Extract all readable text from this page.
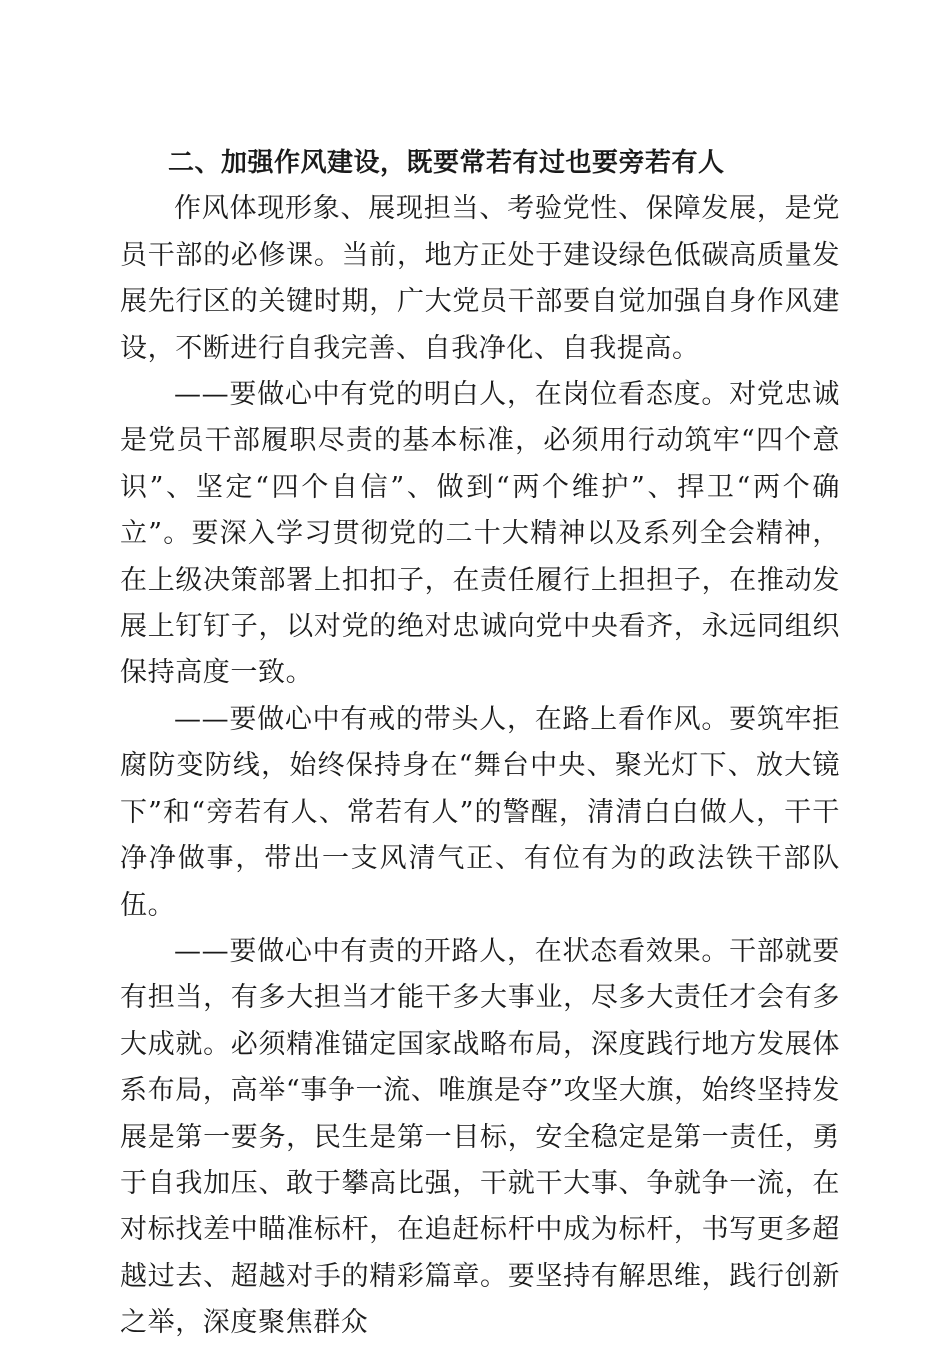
二、加强作风建设，既要常若有过也要旁若有人

作风体现形象、展现担当、考验党性、保障发展，是党员干部的必修课。当前，地方正处于建设绿色低碳高质量发展先行区的关键时期，广大党员干部要自觉加强自身作风建设，不断进行自我完善、自我净化、自我提高。

——要做心中有党的明白人，在岗位看态度。对党忠诚是党员干部履职尽责的基本标准，必须用行动筑牢“四个意识”、坚定“四个自信”、做到“两个维护”、捍卫“两个确立”。要深入学习贯彻党的二十大精神以及系列全会精神，在上级决策部署上扣扣子，在责任履行上担担子，在推动发展上钉钉子，以对党的绝对忠诚向党中央看齐，永远同组织保持高度一致。

——要做心中有戒的带头人，在路上看作风。要筑牢拒腐防变防线，始终保持身在“舞台中央、聚光灯下、放大镜下”和“旁若有人、常若有人”的警醒，清清白白做人，干干净净做事，带出一支风清气正、有位有为的政法铁干部队伍。

——要做心中有责的开路人，在状态看效果。干部就要有担当，有多大担当才能干多大事业，尽多大责任才会有多大成就。必须精准锚定国家战略布局，深度践行地方发展体系布局，高举“事争一流、唯旗是夺”攻坚大旗，始终坚持发展是第一要务，民生是第一目标，安全稳定是第一责任，勇于自我加压、敢于攀高比强，干就干大事、争就争一流，在对标找差中瞄准标杆，在追赶标杆中成为标杆，书写更多超越过去、超越对手的精彩篇章。要坚持有解思维，践行创新之举，深度聚焦群众
